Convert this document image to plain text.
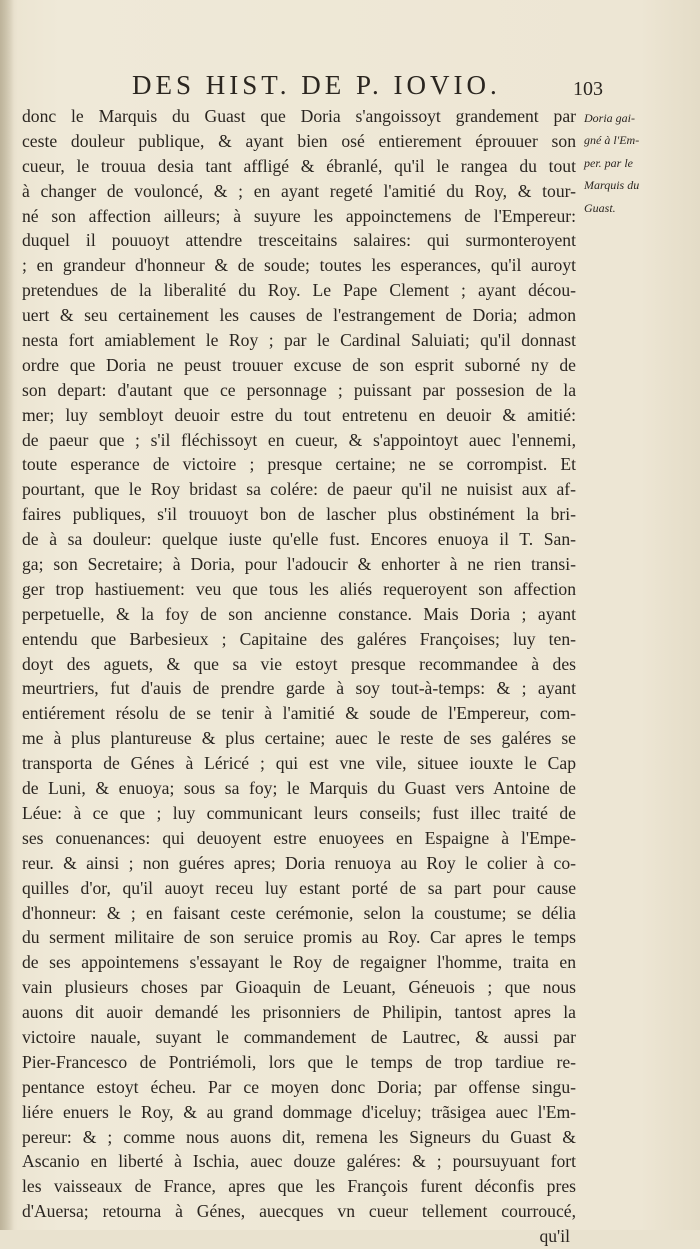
DES HIST. DE P. IOVIO.	103
donc le Marquis du Guast que Doria s'angoissoyt grandement par
ceste douleur publique, & ayant bien osé entierement éprouuer son
cueur, le trouua desia tant affligé & ébranlé, qu'il le rangea du tout
à changer de vouloncé, & ; en ayant regeté l'amitié du Roy, & tour-
né son affection ailleurs; à suyure les appoinctemens de l'Empereur:
duquel il pouuoyt attendre tresceitains salaires: qui surmonteroyent
; en grandeur d'honneur & de soude; toutes les esperances, qu'il auroyt
pretendues de la liberalité du Roy. Le Pape Clement ; ayant décou-
uert & seu certainement les causes de l'estrangement de Doria; admon
nesta fort amiablement le Roy ; par le Cardinal Saluiati; qu'il donnast
ordre que Doria ne peust trouuer excuse de son esprit suborné ny de
son depart: d'autant que ce personnage ; puissant par possesion de la
mer; luy sembloyt deuoir estre du tout entretenu en deuoir & amitié:
de paeur que ; s'il fléchissoyt en cueur, & s'appointoyt auec l'ennemi,
toute esperance de victoire ; presque certaine; ne se corrompist. Et
pourtant, que le Roy bridast sa colére: de paeur qu'il ne nuisist aux af-
faires publiques, s'il trouuoyt bon de lascher plus obstinément la bri-
de à sa douleur: quelque iuste qu'elle fust. Encores enuoya il T. San-
ga; son Secretaire; à Doria, pour l'adoucir & enhorter à ne rien transi-
ger trop hastiuement: veu que tous les aliés requeroyent son affection
perpetuelle, & la foy de son ancienne constance. Mais Doria ; ayant
entendu que Barbesieux ; Capitaine des galéres Françoises; luy ten-
doyt des aguets, & que sa vie estoyt presque recommandee à des
meurtriers, fut d'auis de prendre garde à soy tout-à-temps: & ; ayant
entiérement résolu de se tenir à l'amitié & soude de l'Empereur, com-
me à plus plantureuse & plus certaine; auec le reste de ses galéres se
transporta de Génes à Léricé ; qui est vne vile, situee iouxte le Cap
de Luni, & enuoya; sous sa foy; le Marquis du Guast vers Antoine de
Léue: à ce que ; luy communicant leurs conseils; fust illec traité de
ses conuenances: qui deuoyent estre enuoyees en Espaigne à l'Empe-
reur. & ainsi ; non guéres apres; Doria renuoya au Roy le colier à co-
quilles d'or, qu'il auoyt receu luy estant porté de sa part pour cause
d'honneur: & ; en faisant ceste cerémonie, selon la coustume; se délia
du serment militaire de son seruice promis au Roy. Car apres le temps
de ses appointemens s'essayant le Roy de regaigner l'homme, traita en
vain plusieurs choses par Gioaquin de Leuant, Géneuois ; que nous
auons dit auoir demandé les prisonniers de Philipin, tantost apres la
victoire nauale, suyant le commandement de Lautrec, & aussi par
Pier-Francesco de Pontriémoli, lors que le temps de trop tardiue re-
pentance estoyt écheu. Par ce moyen donc Doria; par offense singu-
liére enuers le Roy, & au grand dommage d'iceluy; trãsigea auec l'Em-
pereur: & ; comme nous auons dit, remena les Signeurs du Guast &
Ascanio en liberté à Ischia, auec douze galéres: & ; poursuyuant fort
les vaisseaux de France, apres que les François furent déconfis pres
d'Auersa; retourna à Génes, auecques vn cueur tellement courroucé,
qu'il
Doria gai-
gné à l'Em-
per. par le
Marquis du
Guast.
